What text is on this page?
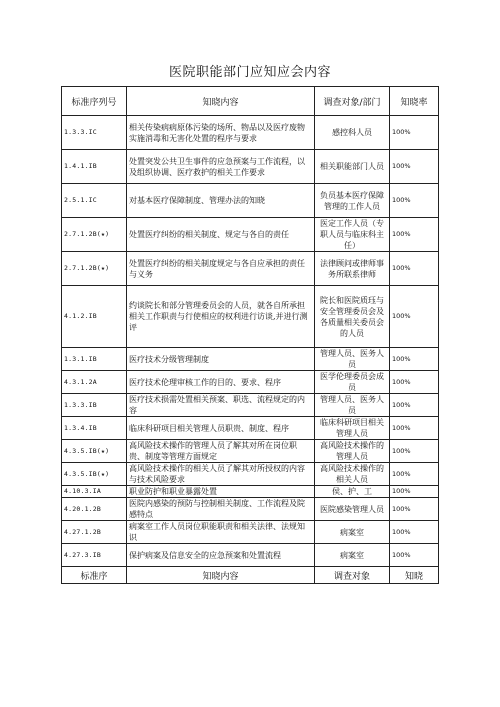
医院职能部门应知应会内容
标准序列号	知晓内容	调查对象/部门	知晓率
1.3.3.IC	相关传染病病原体污染的场所、物品以及医疗废物实施消毒和无害化处置的程序与要求	感控科人员	100%
1.4.1.IB	处置突发公共卫生事件的应急预案与工作流程，以及组织协调、医疗救护的相关工作要求	相关职能部门人员	100%
2.5.1.IC	对基本医疗保障制度、管理办法的知晓	负员基本医疗保障管理的工作人员	100%
2.7.1.2B(★)	处置医疗纠纷的相关制度、规定与各自的责任	医定工作人员（专职人员与临床科主任）	100%
2.7.1.2B(★)	处置医疗纠纷的相关制度规定与各自应承担的责任与义务	法律顾问或律师事务所联系律师	100%
4.1.2.IB	约谈院长和部分管理委员会的人员，就各自所承担相关工作职责与行使相应的权利进行访谈,并进行测评	院长和医院质珏与安全管理委员会及各质量相关委员会的人员	100%
1.3.1.IB	医疗技术分级管理制度	管理人员、医务人员	100%
4.3.1.2A	医疗技术伦理审核工作的目的、要求、程序	医学伦理委员会成员	100%
1.3.3.IB	医疗技术损需处置相关预案、职选、流程规定的内容	管理人员、医务人员	100%
1.3.4.IB	临床科研项目相关管理人员职贵、制度、程序	临床科研项目相关管理人员	100%
4.3.5.IB(★)	高风险技术操作的管理人员了解其对所在岗位职贵、制度等管理方面规定	高风险技术操作的管理人员	100%
4.3.5.IB(★)	高风险技术操作的相关人员了解其对所授权的内容与技术风险要求	高风险技术操作的相关人员	100%
4.10.3.IA	职业防护和职业暴露处置	侯、护、工	100%
4.20.1.2B	医院内感染的预防与控制相关制度、工作流程及院感特点	医院感染管理人员	100%
4.27.1.2B	病案室工作人员岗位职能职责和相关法律、法规知识	病案室	100%
4.27.3.IB	保护病案及信息安全的应急预案和处置流程	病案室	100%
标准序	知晓内容	调查对象	知晓
